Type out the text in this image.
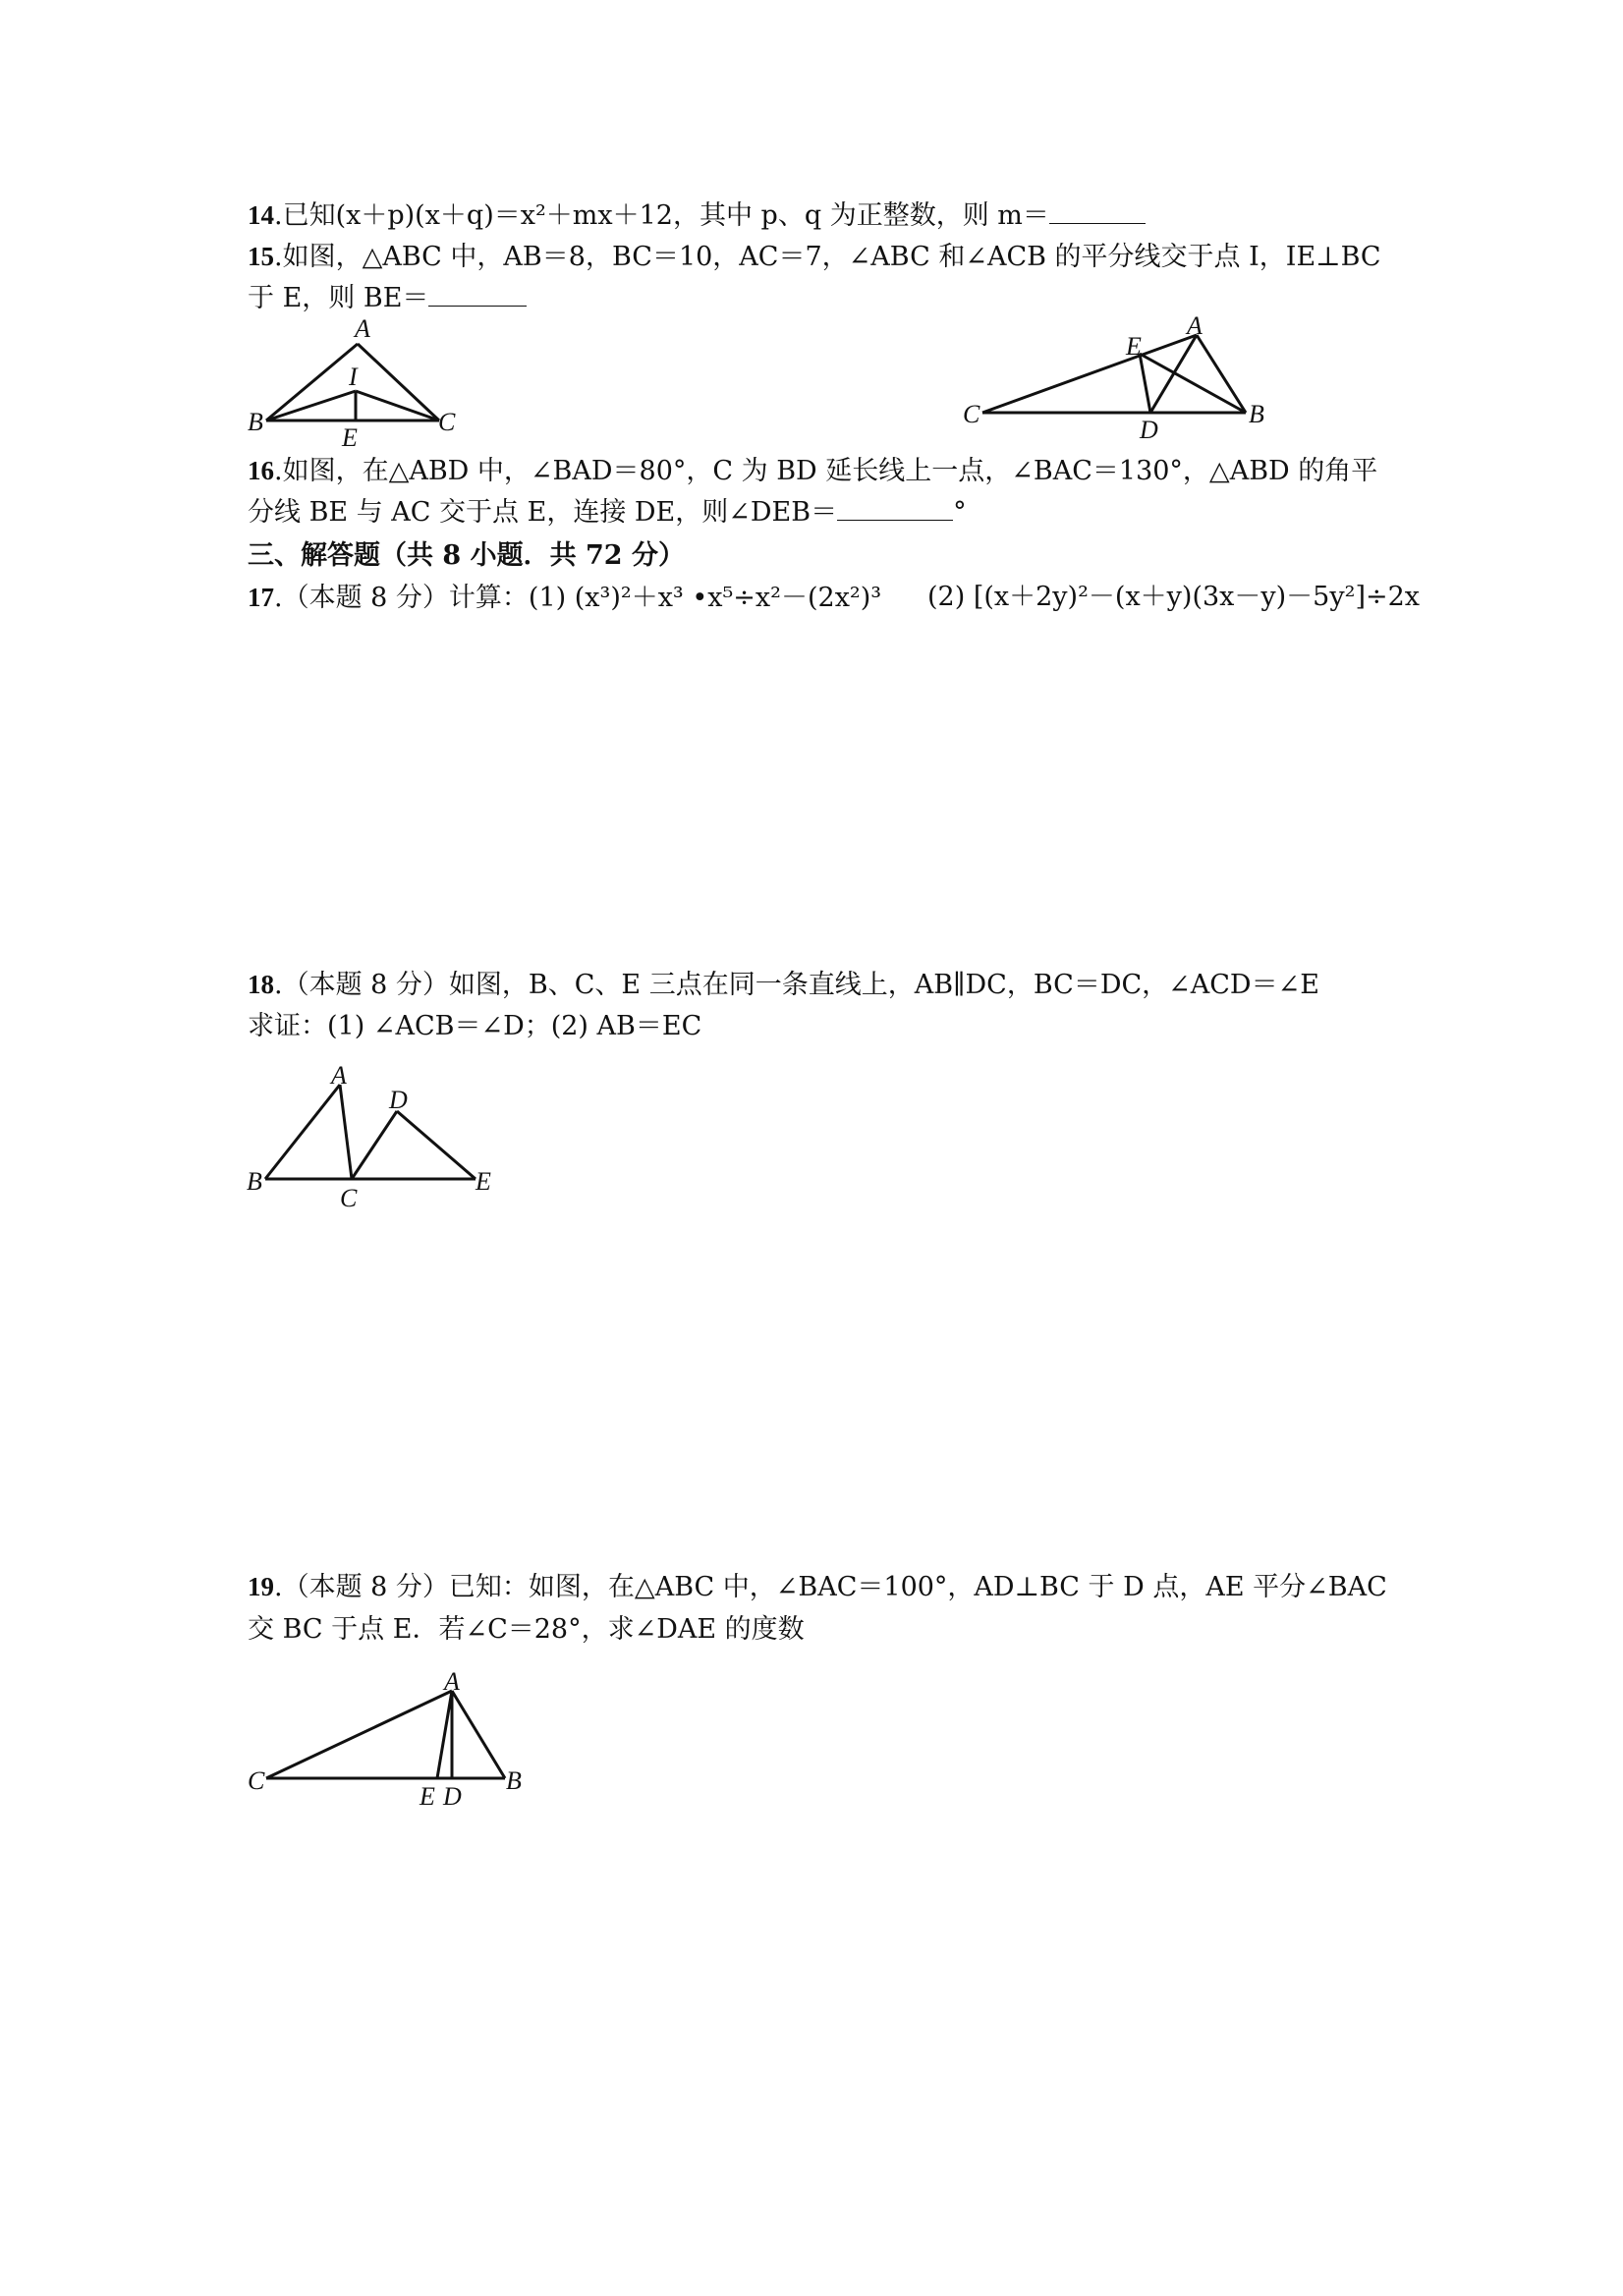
14.已知(x＋p)(x＋q)＝x²＋mx＋12，其中 p、q 为正整数，则 m＝
15.如图，△ABC 中，AB＝8，BC＝10，AC＝7，∠ABC 和∠ACB 的平分线交于点 I，IE⊥BC
于 E，则 BE＝
A
B	C
I
E
A
B
C
D
E
16.如图，在△ABD 中，∠BAD＝80°，C 为 BD 延长线上一点，∠BAC＝130°，△ABD 的角平
分线 BE 与 AC 交于点 E，连接 DE，则∠DEB＝	°
三、解答题（共 8 小题．共 72 分）
17.（本题 8 分）计算：(1) (x³)²＋x³ •x⁵÷x²－(2x²)³ (2) [(x＋2y)²－(x＋y)(3x－y)－5y²]÷2x
18.（本题 8 分）如图，B、C、E 三点在同一条直线上，AB∥DC，BC＝DC，∠ACD＝∠E
求证：(1) ∠ACB＝∠D；(2) AB＝EC
A
B
C
D
E
19.（本题 8 分）已知：如图，在△ABC 中，∠BAC＝100°，AD⊥BC 于 D 点，AE 平分∠BAC
交 BC 于点 E．若∠C＝28°，求∠DAE 的度数
A
B
C
D
E
